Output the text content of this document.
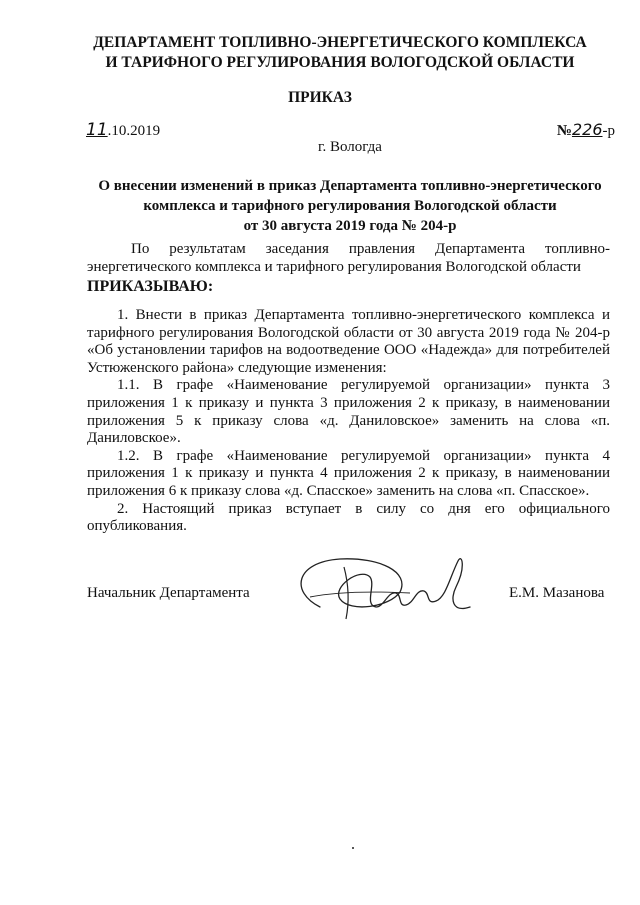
ДЕПАРТАМЕНТ ТОПЛИВНО-ЭНЕРГЕТИЧЕСКОГО КОМПЛЕКСА
И ТАРИФНОГО РЕГУЛИРОВАНИЯ ВОЛОГОДСКОЙ ОБЛАСТИ
ПРИКАЗ
11.10.2019	№226-р
г. Вологда
О внесении изменений в приказ Департамента топливно-энергетического
комплекса и тарифного регулирования Вологодской области
от 30 августа 2019 года № 204-р

По результатам заседания правления Департамента топливно-энергетического комплекса и тарифного регулирования Вологодской области

ПРИКАЗЫВАЮ:

1. Внести в приказ Департамента топливно-энергетического комплекса и тарифного регулирования Вологодской области от 30 августа 2019 года № 204-р «Об установлении тарифов на водоотведение ООО «Надежда» для потребителей Устюженского района» следующие изменения:

1.1. В графе «Наименование регулируемой организации» пункта 3 приложения 1 к приказу и пункта 3 приложения 2 к приказу, в наименовании приложения 5 к приказу слова «д. Даниловское» заменить на слова «п. Даниловское».

1.2. В графе «Наименование регулируемой организации» пункта 4 приложения 1 к приказу и пункта 4 приложения 2 к приказу, в наименовании приложения 6 к приказу слова «д. Спасское» заменить на слова «п. Спасское».

2. Настоящий приказ вступает в силу со дня его официального опубликования.

Начальник Департамента	Е.М. Мазанова
